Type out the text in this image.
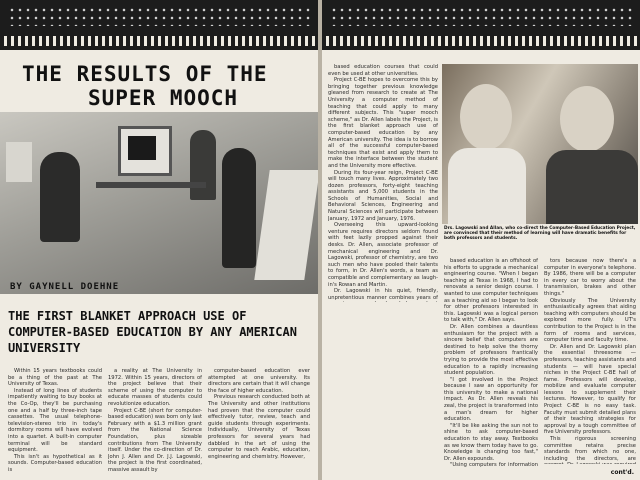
THE RESULTS OF THE
SUPER MOOCH
BY GAYNELL DOEHNE
THE FIRST BLANKET APPROACH USE OF COMPUTER-BASED EDUCATION BY ANY AMERICAN UNIVERSITY

Within 15 years textbooks could be a thing of the past at The University of Texas.

Instead of long lines of students impatiently waiting to buy books at the Co-Op, they'll be purchasing one and a half by three-inch tape cassettes. The usual telephone-television-stereo trio in today's dormitory rooms will have evolved into a quartet. A built-in computer terminal will be standard equipment.

This isn't as hypothetical as it sounds. Computer-based education is

a reality at The University in 1972. Within 15 years, directors of the project believe that their scheme of using the computer to educate masses of students could revolutionize education.

Project C-BE (short for computer-based education) was born only last February with a $1.3 million grant from the National Science Foundation, plus sizeable contributions from The University itself. Under the co-direction of Dr. John J. Allen and Dr. J.J. Lagowski, the project is the first coordinated, massive assault by

computer-based education ever attempted at one university. Its directors are certain that it will change the face of higher education.

Previous research conducted both at The University and other institutions had proven that the computer could effectively tutor, review, teach and guide students through experiments. Individually, University of Texas professors for several years had dabbled in the art of using the computer to reach Arabic, education, engineering and chemistry. However,

based education courses that could even be used at other universities.

Project C-BE hopes to overcome this by bringing together previous knowledge gleaned from research to create at The University a computer method of teaching that could apply to many different subjects. This "super mooch scheme," as Dr. Allen labels the Project, is the first blanket approach use of computer-based education by any American university. The idea is to borrow all of the successful computer-based techniques that exist and apply them to make the interface between the student and the University more effective.

During its four-year reign, Project C-BE will touch many lives. Approximately two dozen professors, forty-eight teaching assistants and 5,000 students in the Schools of Humanities, Social and Behavioral Sciences, Engineering and Natural Sciences will participate between January, 1972 and January, 1976.

Overseeing this upward-looking venture requires directors seldom found with feet lazily propped against their desks. Dr. Allen, associate professor of mechanical engineering and Dr. Lagowski, professor of chemistry, are two such men who have pooled their talents to form, in Dr. Allen's words, a team as compatible and complementary as laugh-in's Rowan and Martin.

Dr. Lagowski in his quiet, friendly, unpretentious manner combines years of

Drs. Lagowski and Allan, who co-direct the Computer-Based Education Project, are convinced that their method of learning will have dramatic benefits for both professors and students.

based education is an offshoot of his efforts to upgrade a mechanical engineering course. "When I began teaching at Texas in 1968, I had to renovate a senior design course. I wanted to use computer techniques as a teaching aid so I began to look for other professors interested in this. Lagowski was a logical person to talk with," Dr. Allen says.

Dr. Allen combines a dauntless enthusiasm for the project with a sincere belief that computers are destined to help solve the thorny problem of professors frantically trying to provide the most effective education to a rapidly increasing student population.

"I got involved in the Project because I saw an opportunity for this university to make a national impact. As Dr. Allen reveals his zeal, the project is transformed into a man's dream for higher education.

"It'll be like asking the sun not to shine to ask computer-based education to stay away. Textbooks as we know them today have to go. Knowledge is changing too fast," Dr. Allen expounds.

"Using computers for information

tors because now there's a computer in everyone's telephone. By 1986, there will be a computer in every car to worry about the transmission, brakes and other things."

Obviously The University enthusiastically agrees that aiding teaching with computers should be explored more fully. UT's contribution to the Project is in the form of rooms and services, computer time and faculty time.

Dr. Allen and Dr. Lagowski plan the essential threesome — professors, teaching assistants and students — will have special niches in the Project C-BE hall of fame. Professors will develop, mobilize and evaluate computer lessons to supplement their lectures. However, to qualify for Project C-BE is no easy task. Faculty must submit detailed plans of their teaching strategies for approval by a tough committee of five University professors.

This rigorous screening committee retains precise standards from which no one, including the directors, are

cont'd.
